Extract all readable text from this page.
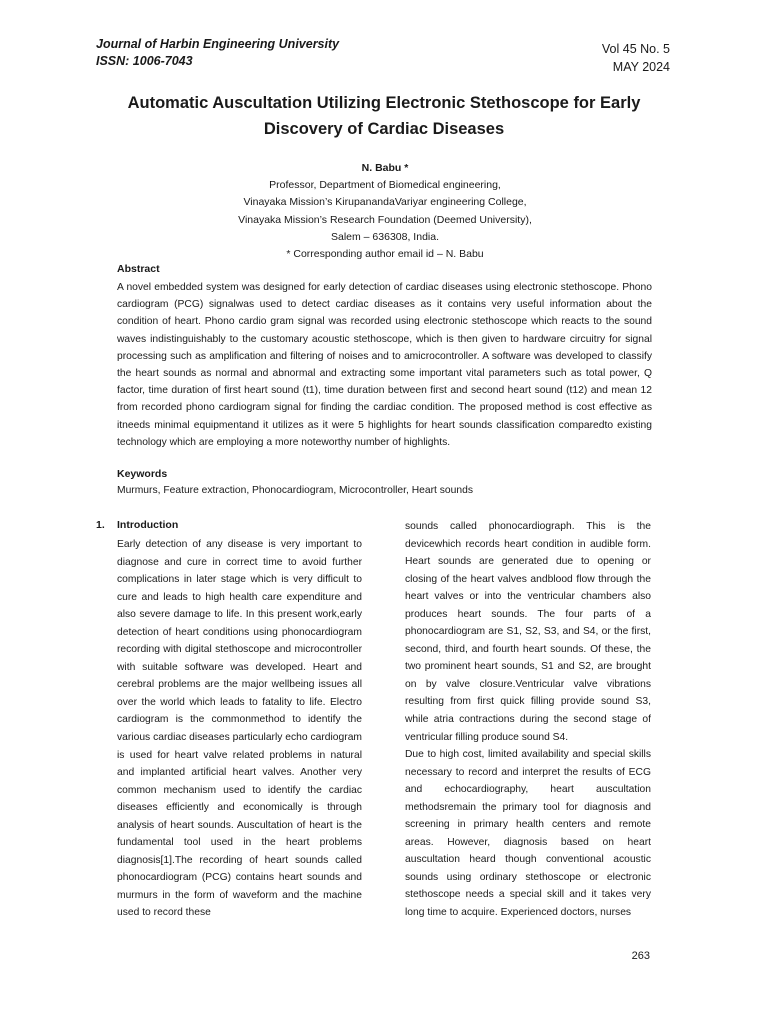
Journal of Harbin Engineering University
ISSN: 1006-7043
Vol 45 No. 5
MAY 2024
Automatic Auscultation Utilizing Electronic Stethoscope for Early
Discovery of Cardiac Diseases
N. Babu *
Professor, Department of Biomedical engineering,
Vinayaka Mission’s KirupanandaVariyar engineering College,
Vinayaka Mission’s Research Foundation (Deemed University),
Salem – 636308, India.
* Corresponding author email id – N. Babu
Abstract

A novel embedded system was designed for early detection of cardiac diseases using electronic stethoscope. Phono cardiogram (PCG) signalwas used to detect cardiac diseases as it contains very useful information about the condition of heart. Phono cardio gram signal was recorded using electronic stethoscope which reacts to the sound waves indistinguishably to the customary acoustic stethoscope, which is then given to hardware circuitry for signal processing such as amplification and filtering of noises and to amicrocontroller. A software was developed to classify the heart sounds as normal and abnormal and extracting some important vital parameters such as total power, Q factor, time duration of first heart sound (t1), time duration between first and second heart sound (t12) and mean 12 from recorded phono cardiogram signal for finding the cardiac condition. The proposed method is cost effective as itneeds minimal equipmentand it utilizes as it were 5 highlights for heart sounds classification comparedto existing technology which are employing a more noteworthy number of highlights.

Keywords
Murmurs, Feature extraction, Phonocardiogram, Microcontroller, Heart sounds
1. Introduction

Early detection of any disease is very important to diagnose and cure in correct time to avoid further complications in later stage which is very difficult to cure and leads to high health care expenditure and also severe damage to life. In this present work,early detection of heart conditions using phonocardiogram recording with digital stethoscope and microcontroller with suitable software was developed. Heart and cerebral problems are the major wellbeing issues all over the world which leads to fatality to life. Electro cardiogram is the commonmethod to identify the various cardiac diseases particularly echo cardiogram is used for heart valve related problems in natural and implanted artificial heart valves. Another very common mechanism used to identify the cardiac diseases efficiently and economically is through analysis of heart sounds. Auscultation of heart is the fundamental tool used in the heart problems diagnosis[1].The recording of heart sounds called phonocardiogram (PCG) contains heart sounds and murmurs in the form of waveform and the machine used to record these

sounds called phonocardiograph. This is the devicewhich records heart condition in audible form. Heart sounds are generated due to opening or closing of the heart valves andblood flow through the heart valves or into the ventricular chambers also produces heart sounds. The four parts of a phonocardiogram are S1, S2, S3, and S4, or the first, second, third, and fourth heart sounds. Of these, the two prominent heart sounds, S1 and S2, are brought on by valve closure.Ventricular valve vibrations resulting from first quick filling provide sound S3, while atria contractions during the second stage of ventricular filling produce sound S4.

Due to high cost, limited availability and special skills necessary to record and interpret the results of ECG and echocardiography, heart auscultation methodsremain the primary tool for diagnosis and screening in primary health centers and remote areas. However, diagnosis based on heart auscultation heard though conventional acoustic sounds using ordinary stethoscope or electronic stethoscope needs a special skill and it takes very long time to acquire. Experienced doctors, nurses

263
